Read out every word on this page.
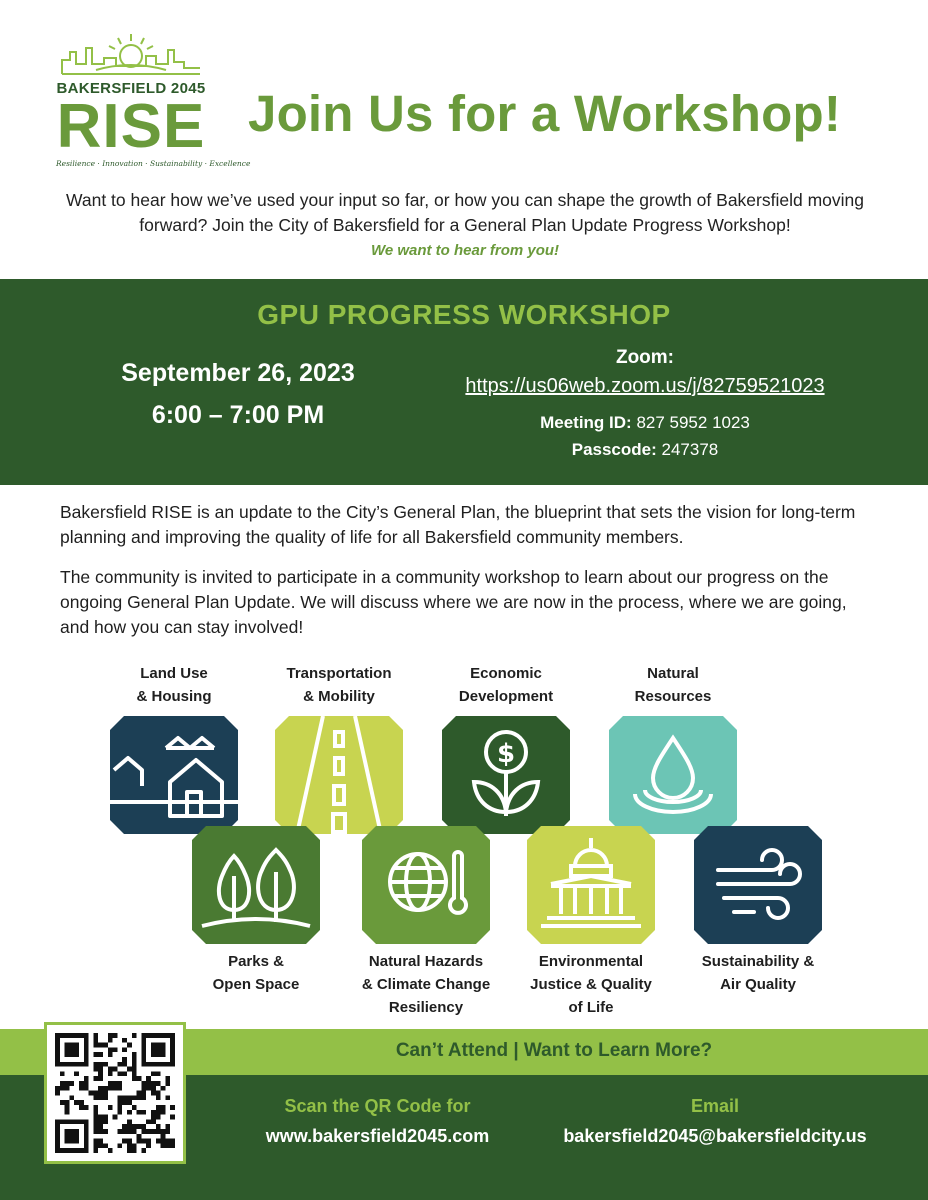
BAKERSFIELD 2045
RISE
Resilience · Innovation · Sustainability · Excellence
Join Us for a Workshop!
Want to hear how we’ve used your input so far, or how you can shape the growth of Bakersfield moving forward? Join the City of Bakersfield for a General Plan Update Progress Workshop!
We want to hear from you!
GPU PROGRESS WORKSHOP
September 26, 2023
6:00 – 7:00 PM
Zoom:
https://us06web.zoom.us/j/82759521023
Meeting ID: 827 5952 1023
Passcode: 247378
Bakersfield RISE is an update to the City’s General Plan, the blueprint that sets the vision for long-term planning and improving the quality of life for all Bakersfield community members.
The community is invited to participate in a community workshop to learn about our progress on the ongoing General Plan Update. We will discuss where we are now in the process, where we are going, and how you can stay involved!
Land Use
& Housing
Transportation
& Mobility
Economic
Development
$
Natural
Resources
Parks &
Open Space
Natural Hazards
& Climate Change
Resiliency
Environmental
Justice & Quality
of Life
Sustainability &
Air Quality
Can’t Attend | Want to Learn More?
Scan the QR Code for
www.bakersfield2045.com
Email
bakersfield2045@bakersfieldcity.us
